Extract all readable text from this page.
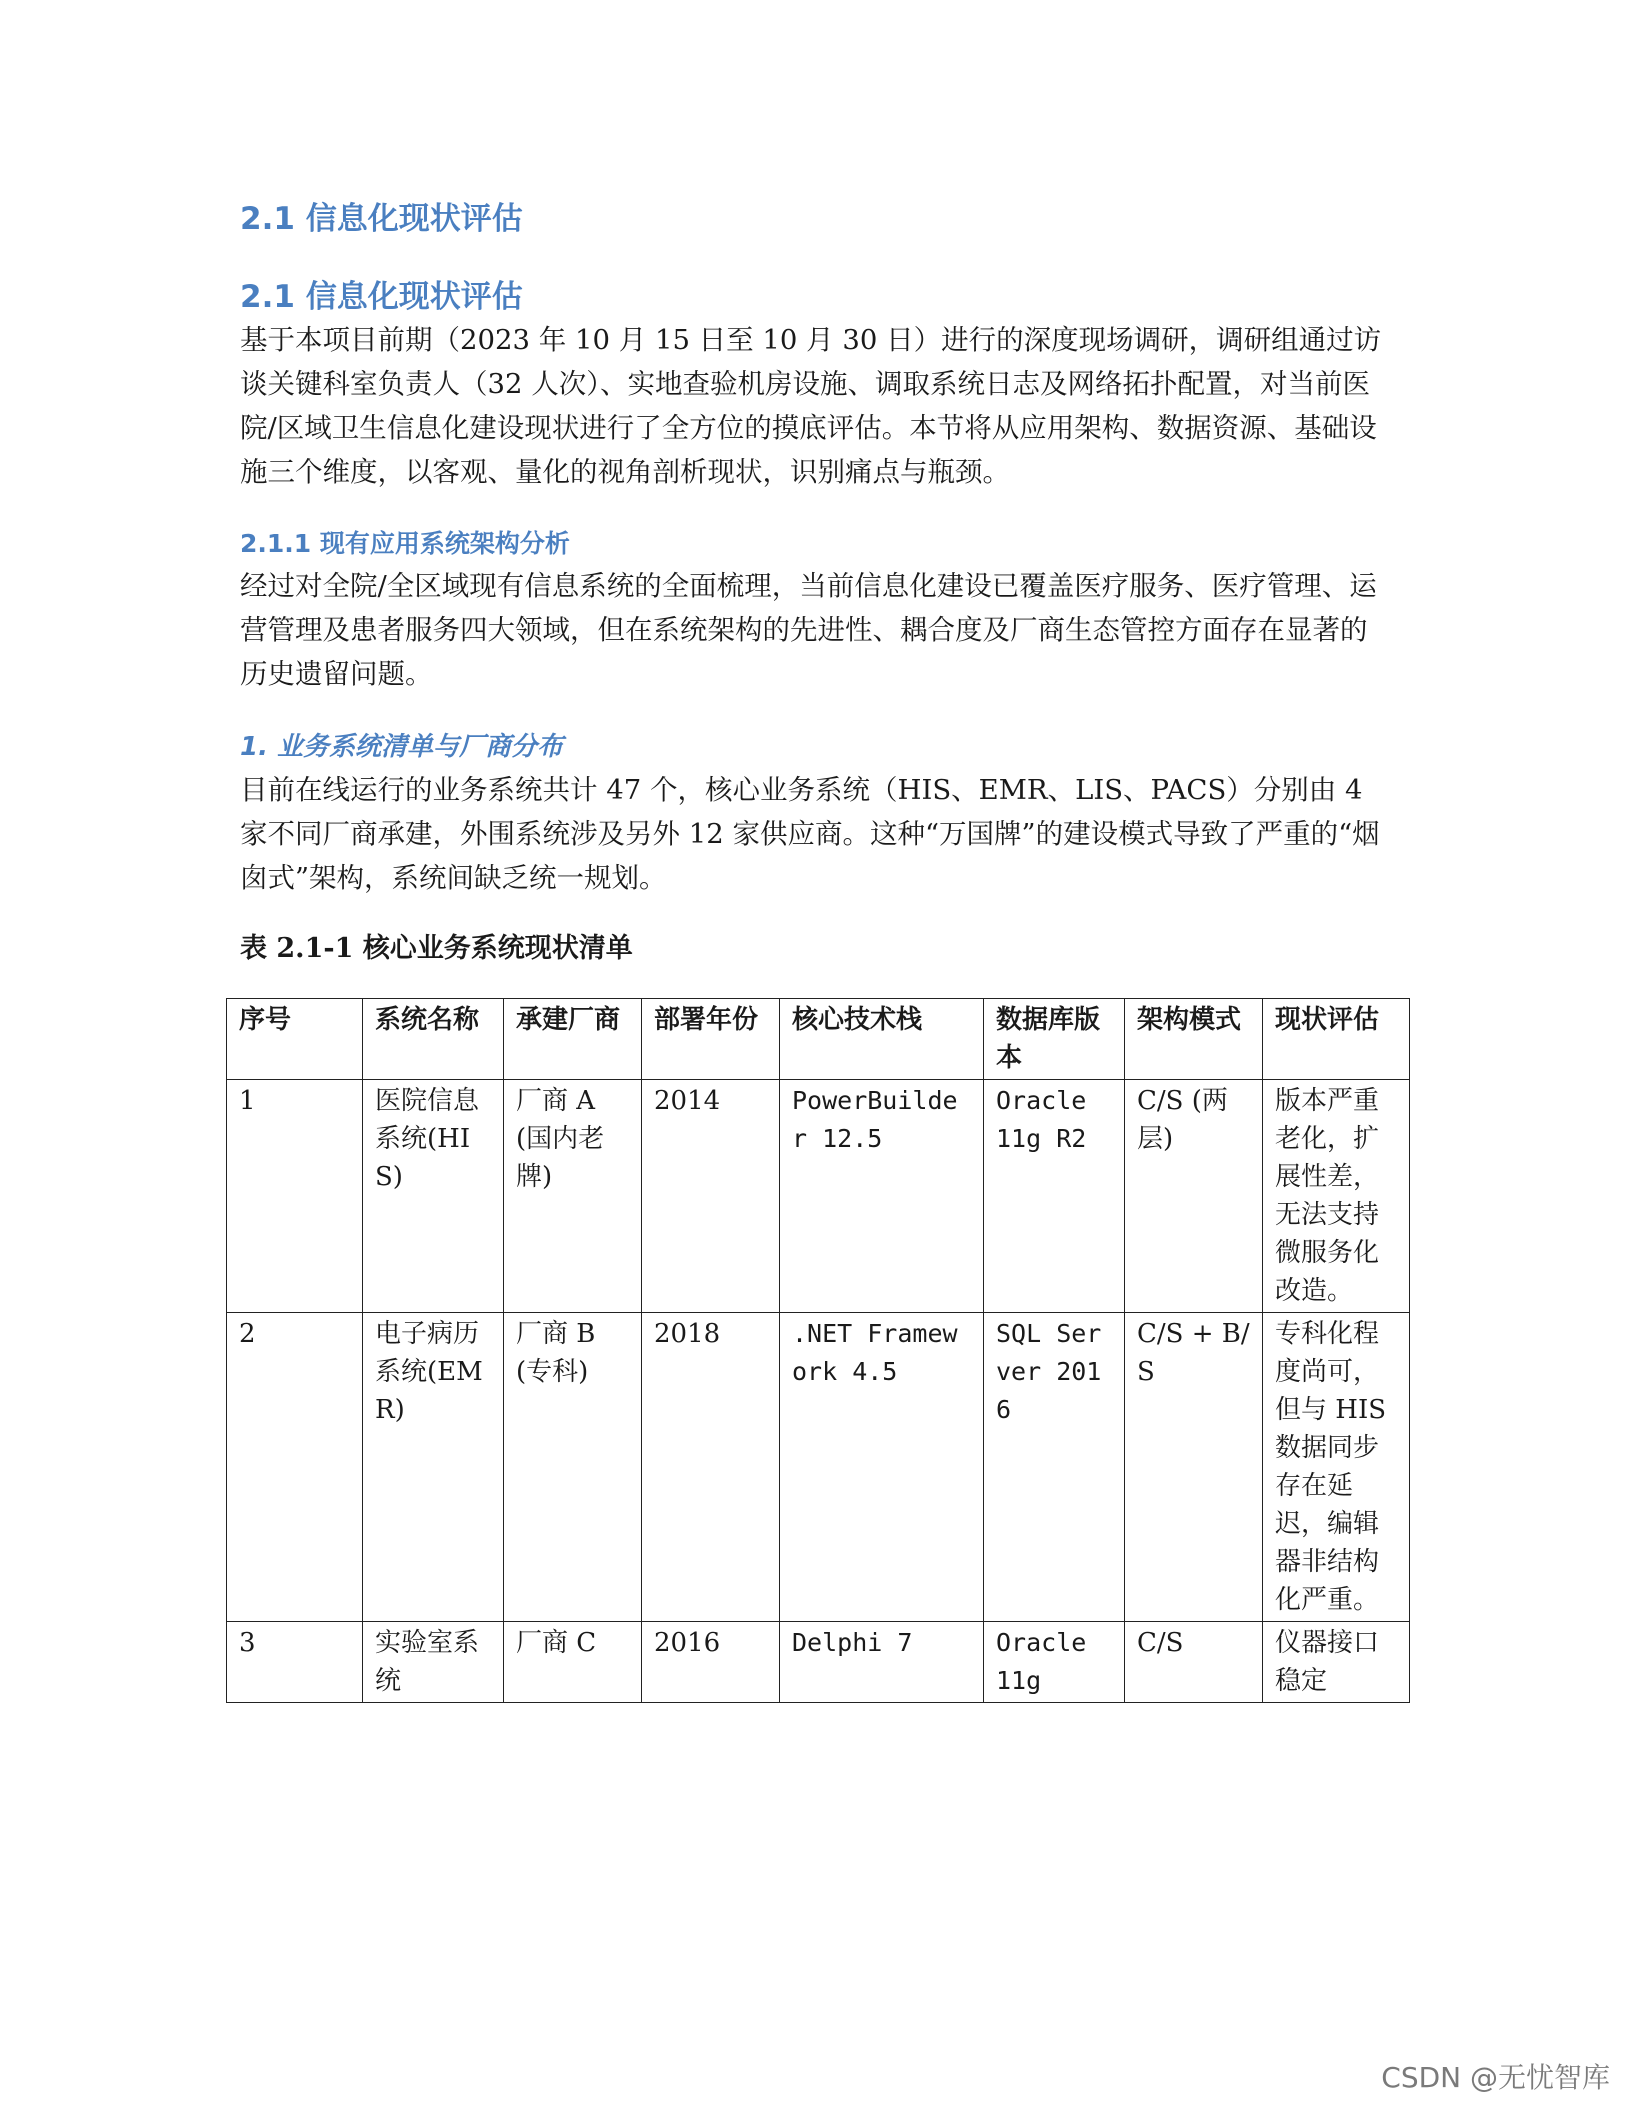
2.1 信息化现状评估
2.1 信息化现状评估

基于本项目前期（2023 年 10 月 15 日至 10 月 30 日）进行的深度现场调研，调研组通过访谈关键科室负责人（32 人次）、实地查验机房设施、调取系统日志及网络拓扑配置，对当前医院/区域卫生信息化建设现状进行了全方位的摸底评估。本节将从应用架构、数据资源、基础设施三个维度，以客观、量化的视角剖析现状，识别痛点与瓶颈。

2.1.1 现有应用系统架构分析

经过对全院/全区域现有信息系统的全面梳理，当前信息化建设已覆盖医疗服务、医疗管理、运营管理及患者服务四大领域，但在系统架构的先进性、耦合度及厂商生态管控方面存在显著的历史遗留问题。

1. 业务系统清单与厂商分布

目前在线运行的业务系统共计 47 个，核心业务系统（HIS、EMR、LIS、PACS）分别由 4 家不同厂商承建，外围系统涉及另外 12 家供应商。这种“万国牌”的建设模式导致了严重的“烟囱式”架构，系统间缺乏统一规划。

表 2.1-1 核心业务系统现状清单

序号	系统名称	承建厂商	部署年份	核心技术栈	数据库版本	架构模式	现状评估
1	医院信息系统(HIS)	厂商 A (国内老牌)	2014	PowerBuilder 12.5	Oracle 11g R2	C/S (两层)	版本严重老化，扩展性差，无法支持微服务化改造。
2	电子病历系统(EMR)	厂商 B (专科)	2018	.NET Framework 4.5	SQL Server 2016	C/S + B/S	专科化程度尚可，但与 HIS 数据同步存在延迟，编辑器非结构化严重。
3	实验室系统	厂商 C	2016	Delphi 7	Oracle 11g	C/S	仪器接口稳定
CSDN @无忧智库
